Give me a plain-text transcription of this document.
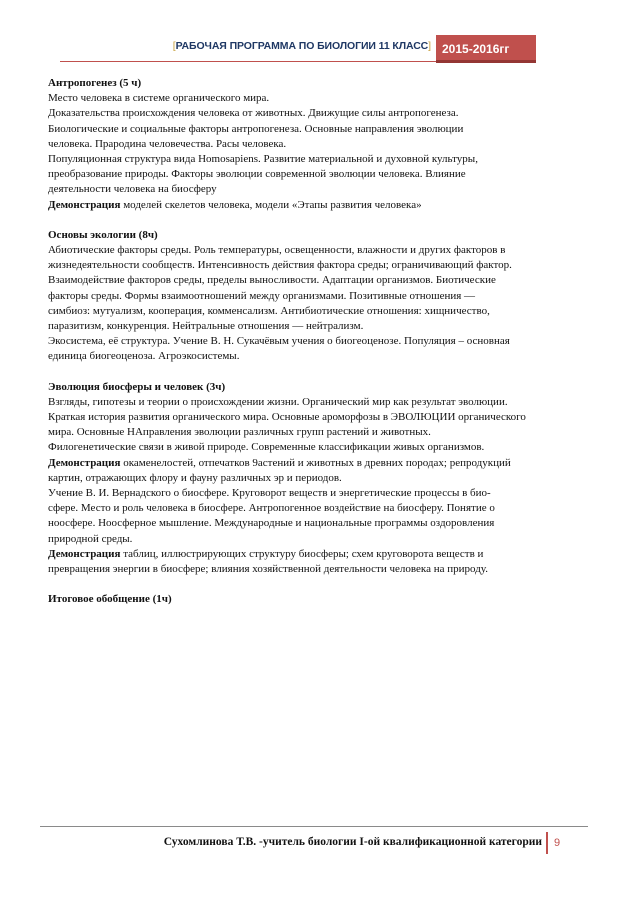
[РАБОЧАЯ ПРОГРАММА ПО БИОЛОГИИ 11 КЛАСС] 2015-2016гг

Антропогенез (5 ч)

Место человека в системе органического мира.

Доказательства происхождения человека от животных. Движущие силы антропогенеза.

Биологические и социальные факторы антропогенеза. Основные направления эволюции

человека. Прародина человечества. Расы человека.

Популяционная структура вида Homosapiens. Развитие материальной и духовной культуры,

преобразование природы. Факторы эволюции современной эволюции человека. Влияние

деятельности человека на биосферу

Демонстрация моделей скелетов человека, модели «Этапы развития человека»

Основы экологии (8ч)

Абиотические факторы среды. Роль температуры, освещенности, влажности и других факторов в

жизнедеятельности сообществ. Интенсивность действия фактора среды; ограничивающий фактор.

Взаимодействие факторов среды, пределы выносливости. Адаптации организмов. Биотические

факторы среды. Формы взаимоотношений между организмами. Позитивные отношения —

симбиоз: мутуализм, кооперация, комменсализм. Антибиотические отношения: хищничество,

паразитизм, конкуренция. Нейтральные отношения — нейтрализм.

Экосистема, её структура. Учение В. Н. Сукачёвым учения о биогеоценозе. Популяция – основная

единица биогеоценоза. Агроэкосистемы.

Эволюция биосферы и человек (3ч)

Взгляды, гипотезы и теории о происхождении жизни. Органический мир как результат эволюции.

Краткая история развития органического мира. Основные ароморфозы в ЭВОЛЮЦИИ органического

мира. Основные НАправления эволюции различных групп растений и животных.

Филогенетические связи в живой природе. Современные классификации живых организмов.

Демонстрация окаменелостей, отпечатков 9астений и животных в древних породах; репродукций

картин, отражающих флору и фауну различных эр и периодов.

Учение В. И. Вернадского о биосфере. Круговорот веществ и энергетические процессы в био-

сфере. Место и роль человека в биосфере. Антропогенное воздействие на биосферу. Понятие о

ноосфере. Ноосферное мышление. Международные и национальные программы оздоровления

природной среды.

Демонстрация таблиц, иллюстрирующих структуру биосферы; схем круговорота веществ и

превращения энергии в биосфере; влияния хозяйственной деятельности человека на природу.

Итоговое обобщение (1ч)

Сухомлинова Т.В. -учитель биологии I-ой квалификационной категории	9
